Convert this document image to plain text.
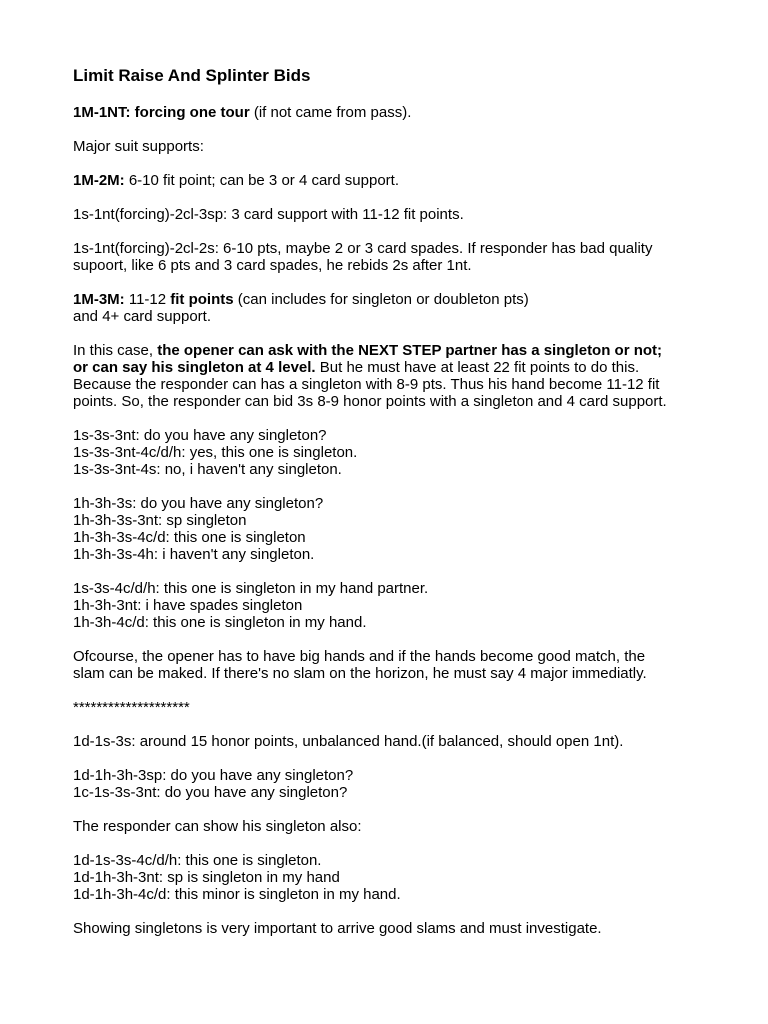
Limit Raise And Splinter Bids
1M-1NT: forcing one tour (if not came from pass).
Major suit supports:
1M-2M: 6-10 fit point; can be 3 or 4 card support.
1s-1nt(forcing)-2cl-3sp: 3 card support with 11-12 fit points.
1s-1nt(forcing)-2cl-2s: 6-10 pts, maybe 2 or 3 card spades. If responder has bad quality
supoort, like 6 pts and 3 card spades, he rebids 2s after 1nt.
1M-3M: 11-12 fit points (can includes for singleton or doubleton pts)
and 4+ card support.
In this case, the opener can ask with the NEXT STEP partner has a singleton or not;
or can say his singleton at 4 level. But he must have at least 22 fit points to do this.
Because the responder can has a singleton with 8-9 pts. Thus his hand become 11-12 fit
points. So, the responder can bid 3s 8-9 honor points with a singleton and 4 card support.
1s-3s-3nt: do you have any singleton?
1s-3s-3nt-4c/d/h: yes, this one is singleton.
1s-3s-3nt-4s: no, i haven't any singleton.
1h-3h-3s: do you have any singleton?
1h-3h-3s-3nt: sp singleton
1h-3h-3s-4c/d: this one is singleton
1h-3h-3s-4h: i haven't any singleton.
1s-3s-4c/d/h: this one is singleton in my hand partner.
1h-3h-3nt: i have spades singleton
1h-3h-4c/d: this one is singleton in my hand.
Ofcourse, the opener has to have big hands and if the hands become good match, the
slam can be maked. If there's no slam on the horizon, he must say 4 major immediatly.
********************
1d-1s-3s: around 15 honor points, unbalanced hand.(if balanced, should open 1nt).
1d-1h-3h-3sp: do you have any singleton?
1c-1s-3s-3nt: do you have any singleton?
The responder can show his singleton also:
1d-1s-3s-4c/d/h: this one is singleton.
1d-1h-3h-3nt: sp is singleton in my hand
1d-1h-3h-4c/d: this minor is singleton in my hand.
Showing singletons is very important to arrive good slams and must investigate.
